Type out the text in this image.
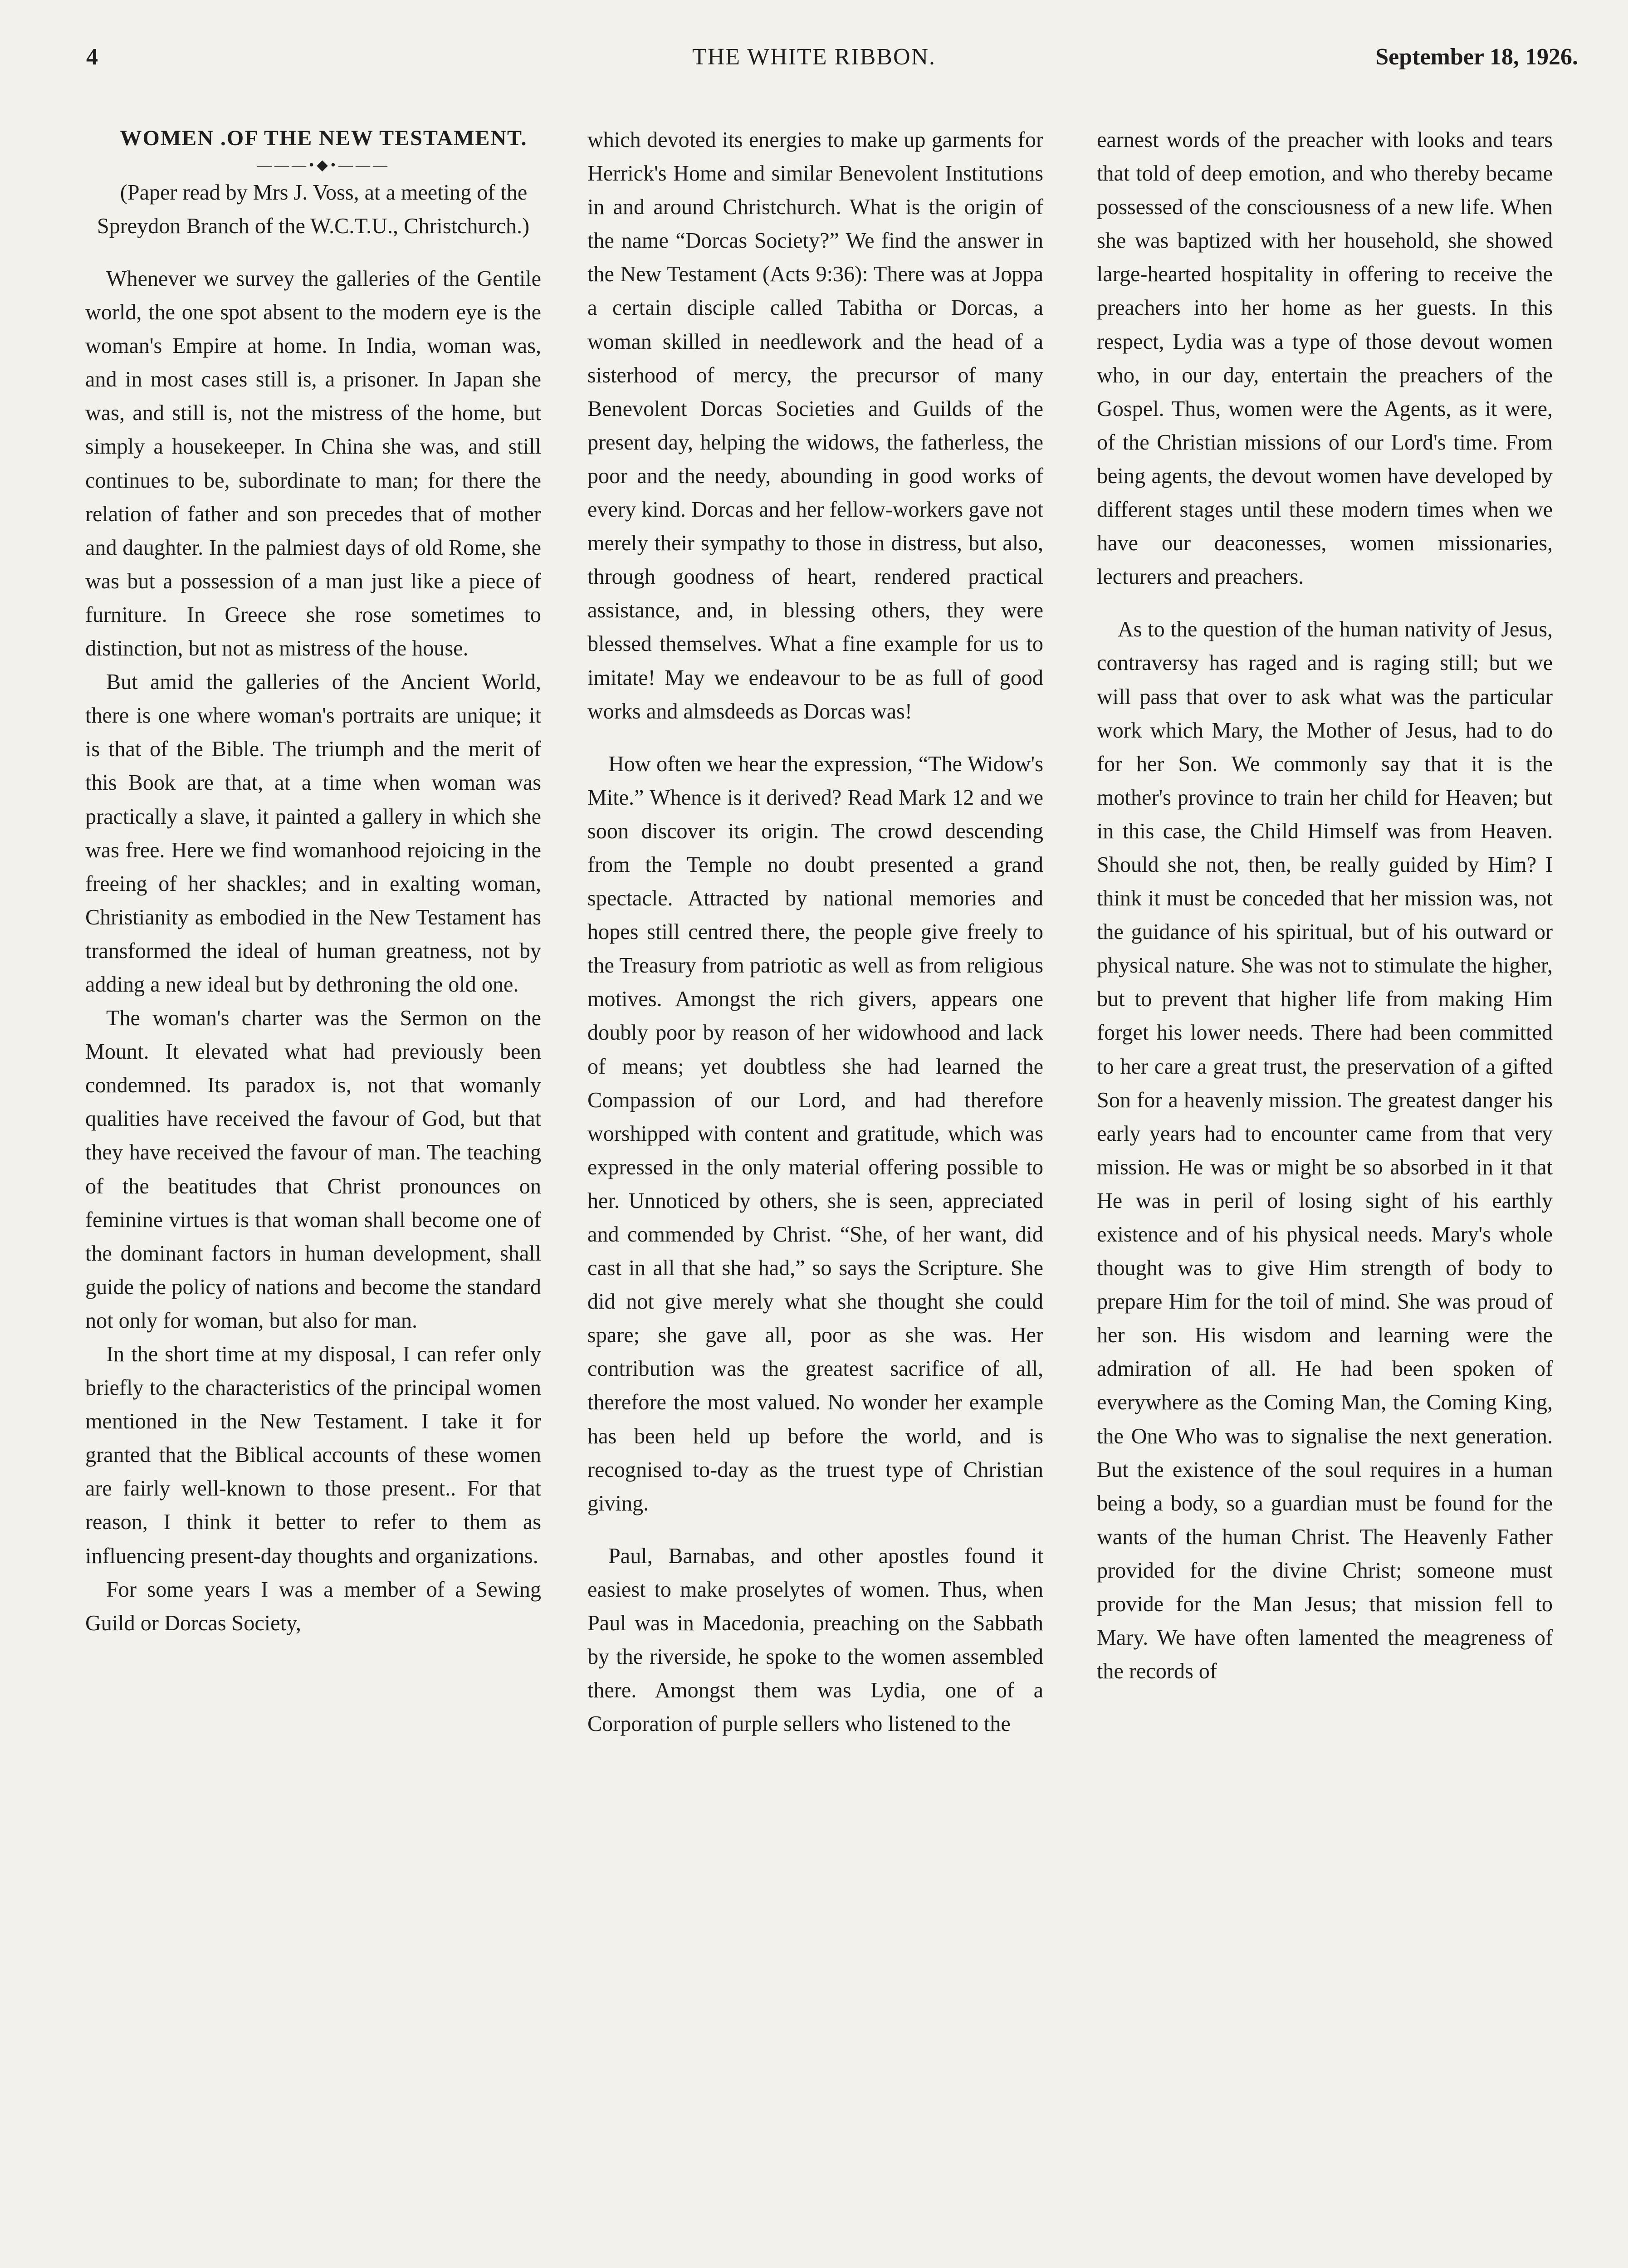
THE WHITE RIBBON.
4	September 18, 1926.

WOMEN .OF THE NEW TESTAMENT.

———•◆•———

(Paper read by Mrs J. Voss, at a meeting of the Spreydon Branch of the W.C.T.U., Christchurch.)

Whenever we survey the galleries of the Gentile world, the one spot absent to the modern eye is the woman's Empire at home. In India, woman was, and in most cases still is, a prisoner. In Japan she was, and still is, not the mistress of the home, but simply a housekeeper. In China she was, and still continues to be, subordinate to man; for there the relation of father and son precedes that of mother and daughter. In the palmiest days of old Rome, she was but a possession of a man just like a piece of furniture. In Greece she rose sometimes to distinction, but not as mistress of the house.

But amid the galleries of the Ancient World, there is one where woman's portraits are unique; it is that of the Bible. The triumph and the merit of this Book are that, at a time when woman was practically a slave, it painted a gallery in which she was free. Here we find womanhood rejoicing in the freeing of her shackles; and in exalting woman, Christianity as embodied in the New Testament has transformed the ideal of human greatness, not by adding a new ideal but by dethroning the old one.

The woman's charter was the Sermon on the Mount. It elevated what had previously been condemned. Its paradox is, not that womanly qualities have received the favour of God, but that they have received the favour of man. The teaching of the beatitudes that Christ pronounces on feminine virtues is that woman shall become one of the dominant factors in human development, shall guide the policy of nations and become the standard not only for woman, but also for man.

In the short time at my disposal, I can refer only briefly to the characteristics of the principal women mentioned in the New Testament. I take it for granted that the Biblical accounts of these women are fairly well-known to those present.. For that reason, I think it better to refer to them as influencing present-day thoughts and organizations.

For some years I was a member of a Sewing Guild or Dorcas Society,

which devoted its energies to make up garments for Herrick's Home and similar Benevolent Institutions in and around Christchurch. What is the origin of the name “Dorcas Society?” We find the answer in the New Testament (Acts 9:36): There was at Joppa a certain disciple called Tabitha or Dorcas, a woman skilled in needlework and the head of a sisterhood of mercy, the precursor of many Benevolent Dorcas Societies and Guilds of the present day, helping the widows, the fatherless, the poor and the needy, abounding in good works of every kind. Dorcas and her fellow-workers gave not merely their sympathy to those in distress, but also, through goodness of heart, rendered practical assistance, and, in blessing others, they were blessed themselves. What a fine example for us to imitate! May we endeavour to be as full of good works and almsdeeds as Dorcas was!

How often we hear the expression, “The Widow's Mite.” Whence is it derived? Read Mark 12 and we soon discover its origin. The crowd descending from the Temple no doubt presented a grand spectacle. Attracted by national memories and hopes still centred there, the people give freely to the Treasury from patriotic as well as from religious motives. Amongst the rich givers, appears one doubly poor by reason of her widowhood and lack of means; yet doubtless she had learned the Compassion of our Lord, and had therefore worshipped with content and gratitude, which was expressed in the only material offering possible to her. Unnoticed by others, she is seen, appreciated and commended by Christ. “She, of her want, did cast in all that she had,” so says the Scripture. She did not give merely what she thought she could spare; she gave all, poor as she was. Her contribution was the greatest sacrifice of all, therefore the most valued. No wonder her example has been held up before the world, and is recognised to-day as the truest type of Christian giving.

Paul, Barnabas, and other apostles found it easiest to make proselytes of women. Thus, when Paul was in Macedonia, preaching on the Sabbath by the riverside, he spoke to the women assembled there. Amongst them was Lydia, one of a Corporation of purple sellers who listened to the

earnest words of the preacher with looks and tears that told of deep emotion, and who thereby became possessed of the consciousness of a new life. When she was baptized with her household, she showed large-hearted hospitality in offering to receive the preachers into her home as her guests. In this respect, Lydia was a type of those devout women who, in our day, entertain the preachers of the Gospel. Thus, women were the Agents, as it were, of the Christian missions of our Lord's time. From being agents, the devout women have developed by different stages until these modern times when we have our deaconesses, women missionaries, lecturers and preachers.

As to the question of the human nativity of Jesus, contraversy has raged and is raging still; but we will pass that over to ask what was the particular work which Mary, the Mother of Jesus, had to do for her Son. We commonly say that it is the mother's province to train her child for Heaven; but in this case, the Child Himself was from Heaven. Should she not, then, be really guided by Him? I think it must be conceded that her mission was, not the guidance of his spiritual, but of his outward or physical nature. She was not to stimulate the higher, but to prevent that higher life from making Him forget his lower needs. There had been committed to her care a great trust, the preservation of a gifted Son for a heavenly mission. The greatest danger his early years had to encounter came from that very mission. He was or might be so absorbed in it that He was in peril of losing sight of his earthly existence and of his physical needs. Mary's whole thought was to give Him strength of body to prepare Him for the toil of mind. She was proud of her son. His wisdom and learning were the admiration of all. He had been spoken of everywhere as the Coming Man, the Coming King, the One Who was to signalise the next generation. But the existence of the soul requires in a human being a body, so a guardian must be found for the wants of the human Christ. The Heavenly Father provided for the divine Christ; someone must provide for the Man Jesus; that mission fell to Mary. We have often lamented the meagreness of the records of
